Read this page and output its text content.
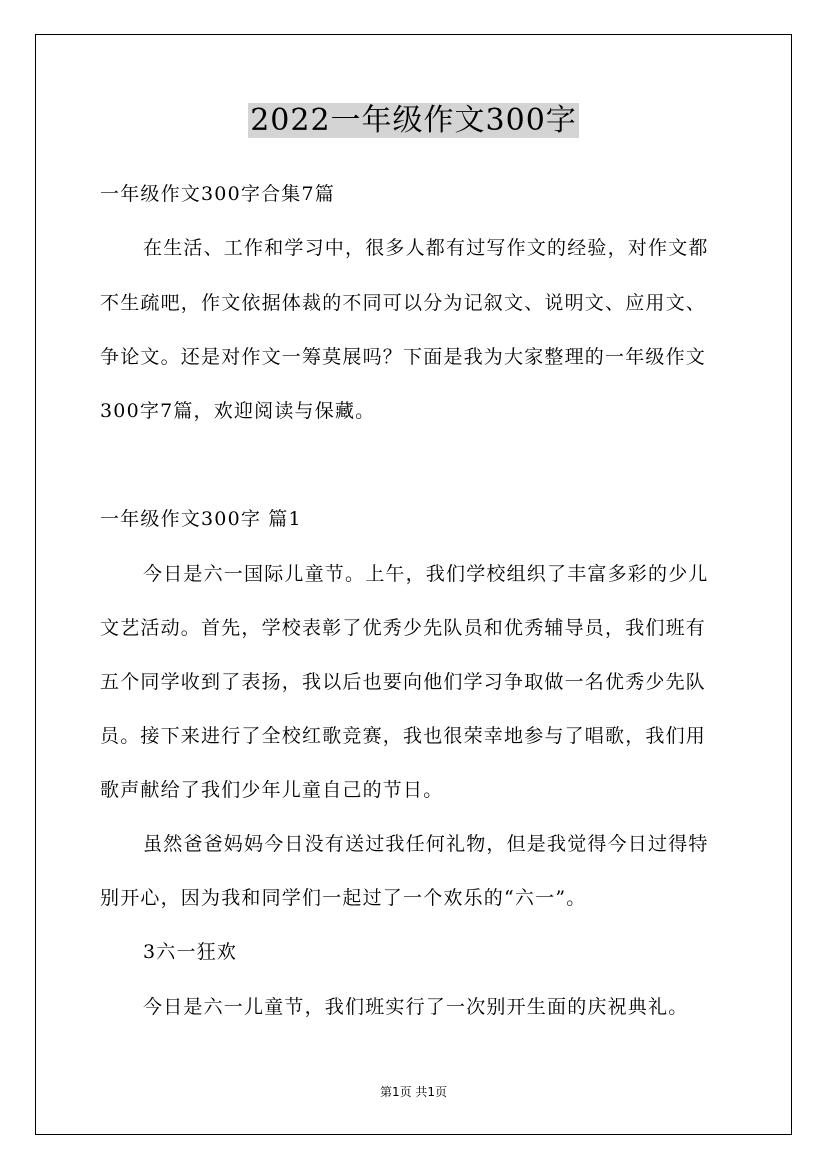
2022一年级作文300字
一年级作文300字合集7篇
在生活、工作和学习中，很多人都有过写作文的经验，对作文都
不生疏吧，作文依据体裁的不同可以分为记叙文、说明文、应用文、
争论文。还是对作文一筹莫展吗？下面是我为大家整理的一年级作文
300字7篇，欢迎阅读与保藏。
一年级作文300字 篇1
今日是六一国际儿童节。上午，我们学校组织了丰富多彩的少儿
文艺活动。首先，学校表彰了优秀少先队员和优秀辅导员，我们班有
五个同学收到了表扬，我以后也要向他们学习争取做一名优秀少先队
员。接下来进行了全校红歌竞赛，我也很荣幸地参与了唱歌，我们用
歌声献给了我们少年儿童自己的节日。
虽然爸爸妈妈今日没有送过我任何礼物，但是我觉得今日过得特
别开心，因为我和同学们一起过了一个欢乐的“六一”。
3六一狂欢
今日是六一儿童节，我们班实行了一次别开生面的庆祝典礼。
第1页 共1页
